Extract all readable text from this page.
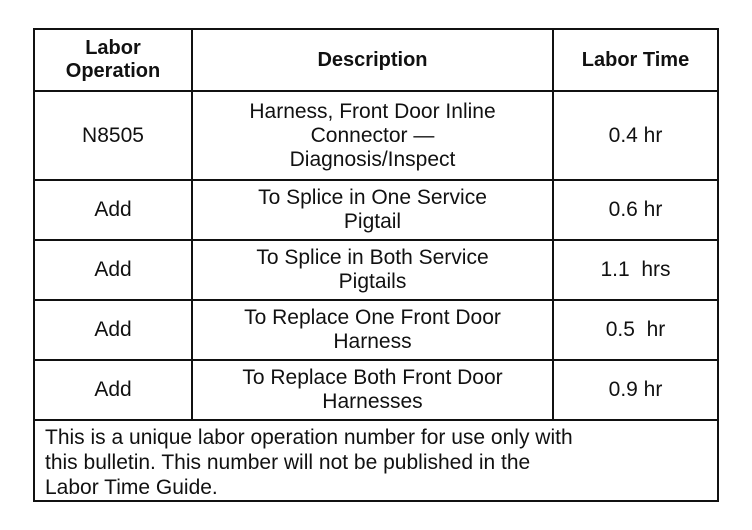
Labor
Operation
Description	Labor Time
N8505
Harness, Front Door Inline
Connector —
Diagnosis/Inspect
0.4 hr
Add
To Splice in One Service
Pigtail
0.6 hr
Add
To Splice in Both Service
Pigtails
1.1  hrs
Add
To Replace One Front Door
Harness
0.5  hr
Add
To Replace Both Front Door
Harnesses
0.9 hr
This is a unique labor operation number for use only with
this bulletin. This number will not be published in the
Labor Time Guide.
